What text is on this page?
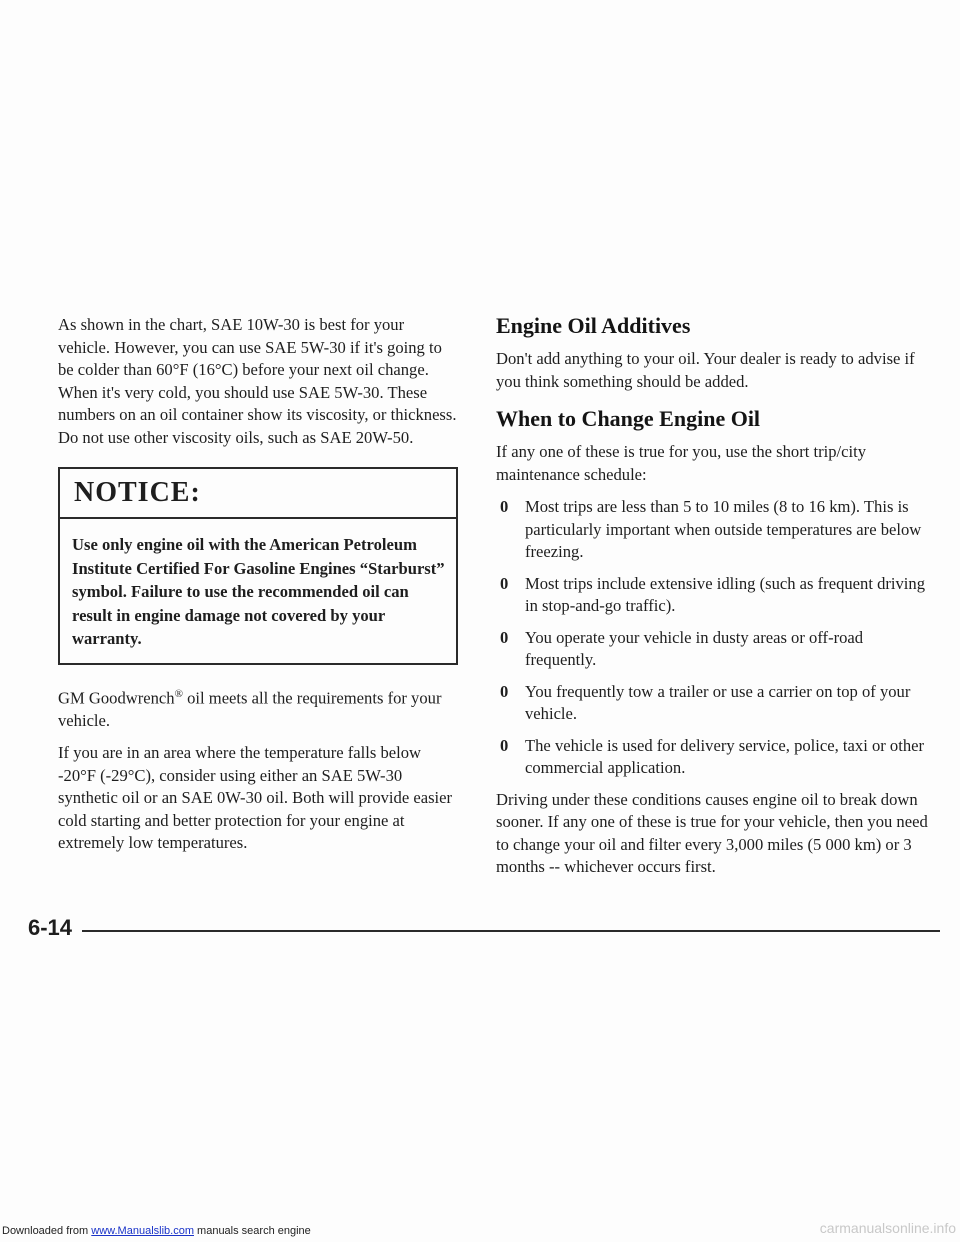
As shown in the chart, SAE 10W-30 is best for your vehicle. However, you can use SAE 5W-30 if it's going to be colder than 60°F (16°C) before your next oil change. When it's very cold, you should use SAE 5W-30. These numbers on an oil container show its viscosity, or thickness. Do not use other viscosity oils, such as SAE 20W-50.

NOTICE:
Use only engine oil with the American Petroleum Institute Certified For Gasoline Engines “Starburst” symbol. Failure to use the recommended oil can result in engine damage not covered by your warranty.

GM Goodwrench® oil meets all the requirements for your vehicle.

If you are in an area where the temperature falls below -20°F (-29°C), consider using either an SAE 5W-30 synthetic oil or an SAE 0W-30 oil. Both will provide easier cold starting and better protection for your engine at extremely low temperatures.

Engine Oil Additives

Don't add anything to your oil. Your dealer is ready to advise if you think something should be added.

When to Change Engine Oil

If any one of these is true for you, use the short trip/city maintenance schedule:

0 Most trips are less than 5 to 10 miles (8 to 16 km). This is particularly important when outside temperatures are below freezing.
0 Most trips include extensive idling (such as frequent driving in stop-and-go traffic).
0 You operate your vehicle in dusty areas or off-road frequently.
0 You frequently tow a trailer or use a carrier on top of your vehicle.
0 The vehicle is used for delivery service, police, taxi or other commercial application.

Driving under these conditions causes engine oil to break down sooner. If any one of these is true for your vehicle, then you need to change your oil and filter every 3,000 miles (5 000 km) or 3 months -- whichever occurs first.

6-14
Downloaded from www.Manualslib.com manuals search engine	carmanualsonline.info
